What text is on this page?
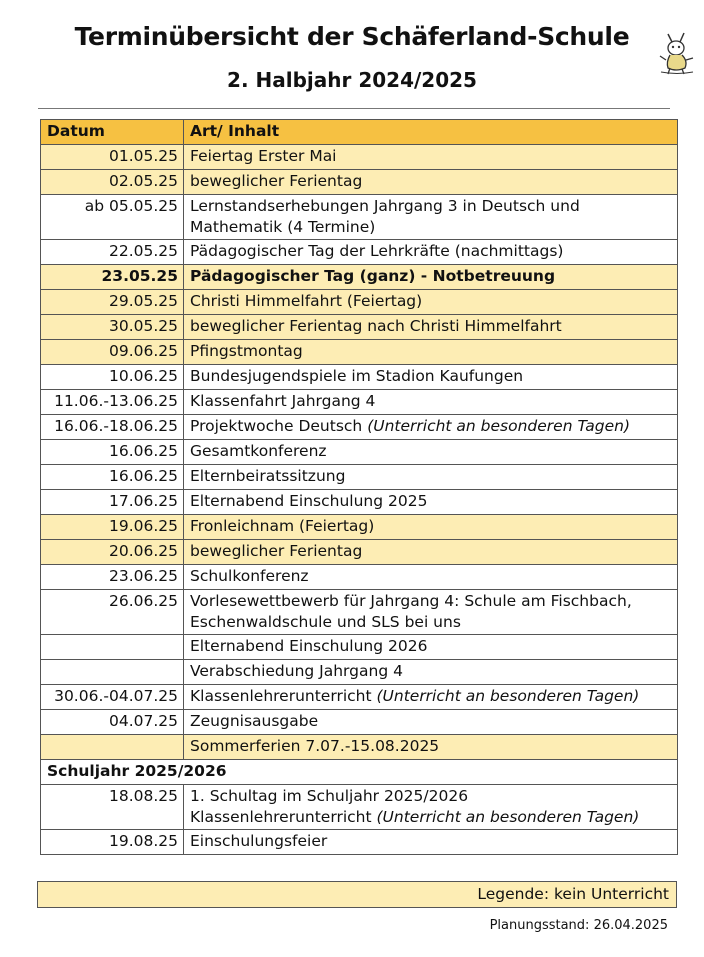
Terminübersicht der Schäferland-Schule
2. Halbjahr 2024/2025
Datum	Art/ Inhalt
01.05.25	Feiertag Erster Mai
02.05.25	beweglicher Ferientag
ab 05.05.25	Lernstandserhebungen Jahrgang 3 in Deutsch und Mathematik (4 Termine)
22.05.25	Pädagogischer Tag der Lehrkräfte (nachmittags)
23.05.25	Pädagogischer Tag (ganz) - Notbetreuung
29.05.25	Christi Himmelfahrt (Feiertag)
30.05.25	beweglicher Ferientag nach Christi Himmelfahrt
09.06.25	Pfingstmontag
10.06.25	Bundesjugendspiele im Stadion Kaufungen
11.06.-13.06.25	Klassenfahrt Jahrgang 4
16.06.-18.06.25	Projektwoche Deutsch (Unterricht an besonderen Tagen)
16.06.25	Gesamtkonferenz
16.06.25	Elternbeiratssitzung
17.06.25	Elternabend Einschulung 2025
19.06.25	Fronleichnam (Feiertag)
20.06.25	beweglicher Ferientag
23.06.25	Schulkonferenz
26.06.25	Vorlesewettbewerb für Jahrgang 4: Schule am Fischbach, Eschenwaldschule und SLS bei uns
	Elternabend Einschulung 2026
	Verabschiedung Jahrgang 4
30.06.-04.07.25	Klassenlehrerunterricht (Unterricht an besonderen Tagen)
04.07.25	Zeugnisausgabe
	Sommerferien 7.07.-15.08.2025
Schuljahr 2025/2026	
18.08.25	1. Schultag im Schuljahr 2025/2026
Klassenlehrerunterricht (Unterricht an besonderen Tagen)

19.08.25	Einschulungsfeier
Legende: kein Unterricht
Planungsstand: 26.04.2025
